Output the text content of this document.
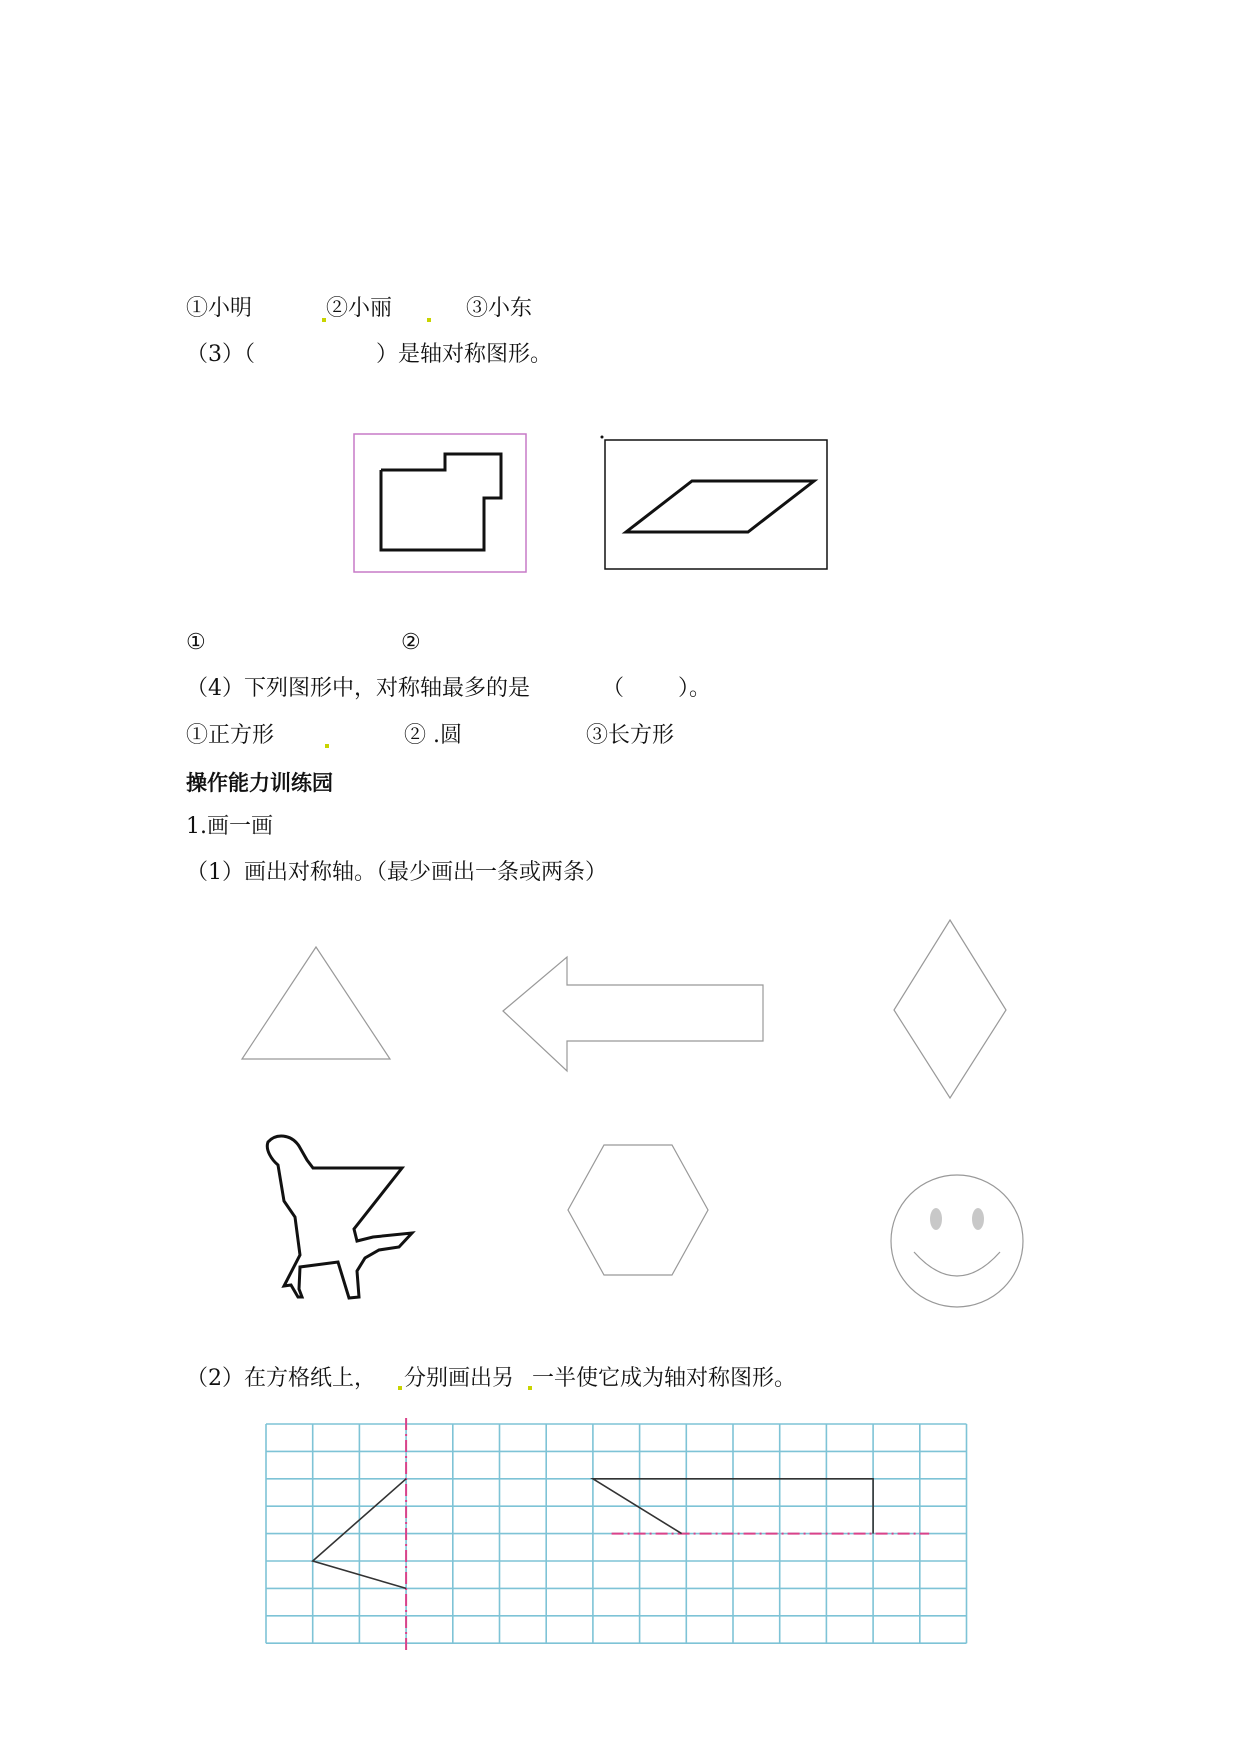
①小明	②小丽	③小东
（3）（	）是轴对称图形。
①	②
（4）下列图形中，对称轴最多的是	（ ）。
①正方形	② .圆	③长方形
操作能力训练园
1.画一画
（1）画出对称轴。（最少画出一条或两条）
（2）在方格纸上， 分别画出另 一半使它成为轴对称图形。
